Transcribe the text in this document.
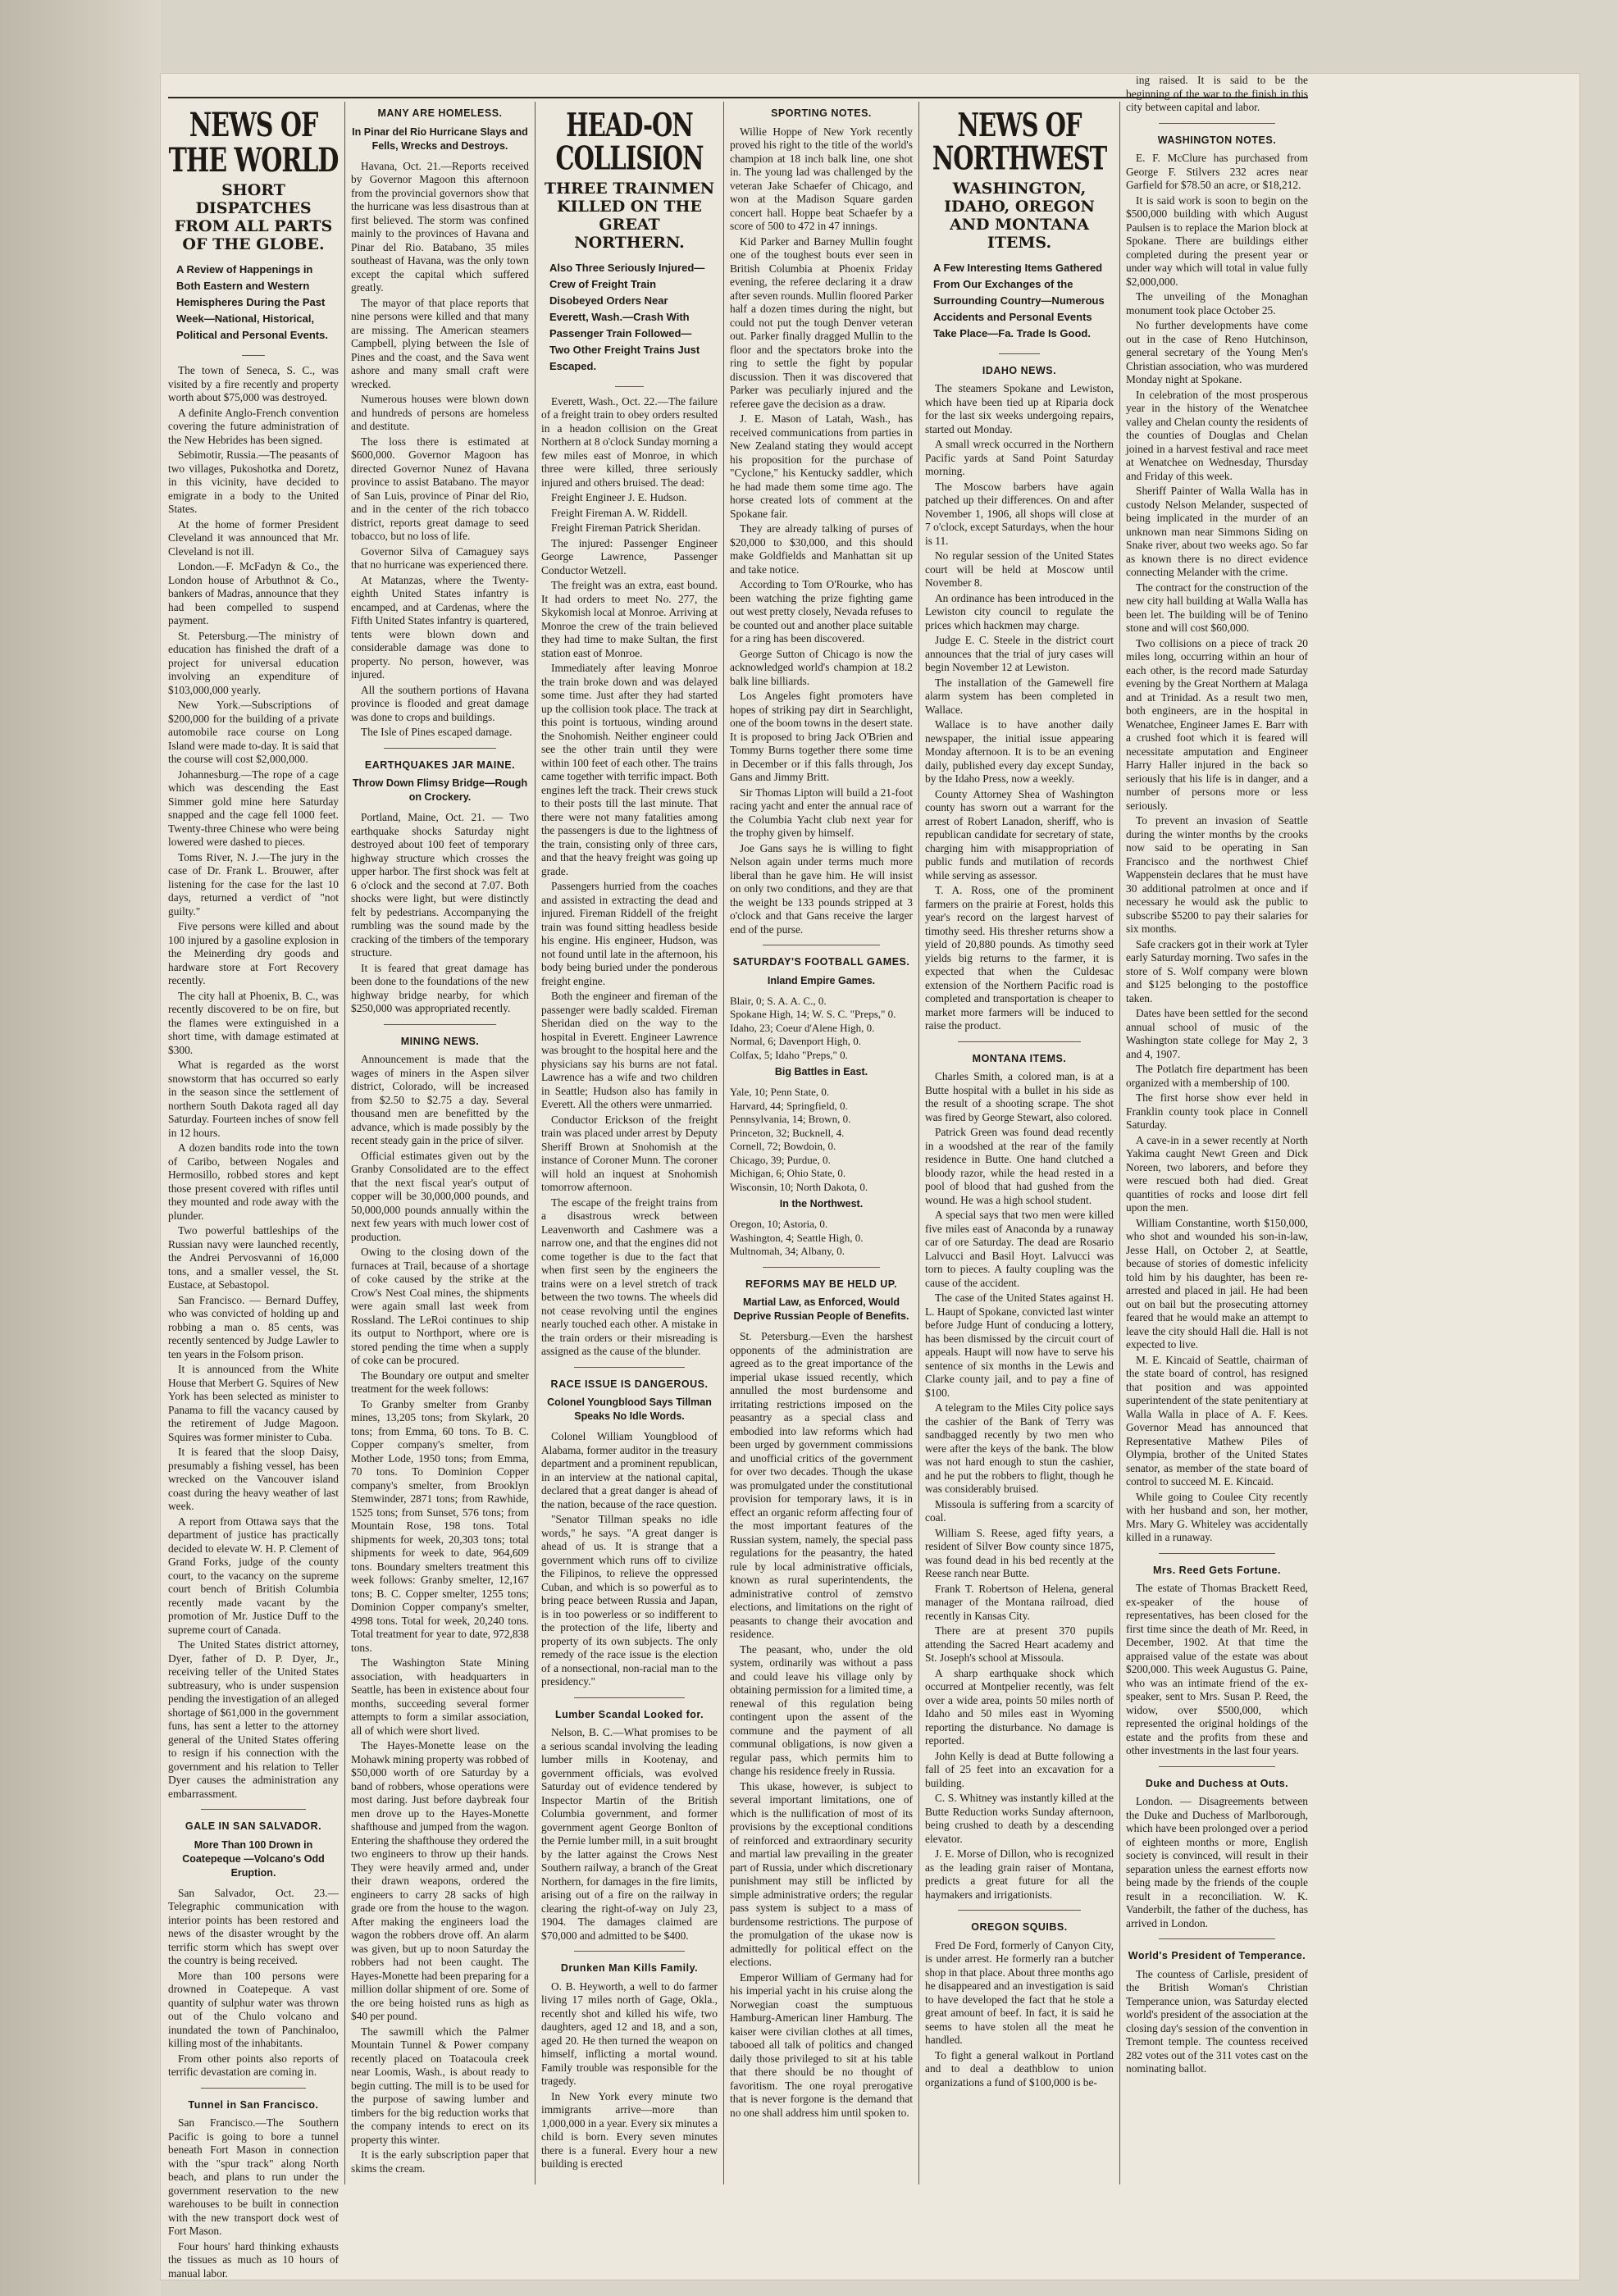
NEWS OF THE WORLD
SHORT DISPATCHES FROM ALL PARTS OF THE GLOBE.
A Review of Happenings in Both Eastern and Western Hemispheres During the Past Week—National, Historical, Political and Personal Events.

The town of Seneca, S. C., was visited by a fire recently and property worth about $75,000 was destroyed.

A definite Anglo-French convention covering the future administration of the New Hebrides has been signed.

Sebimotir, Russia.—The peasants of two villages, Pukoshotka and Doretz, in this vicinity, have decided to emigrate in a body to the United States.

At the home of former President Cleveland it was announced that Mr. Cleveland is not ill.

London.—F. McFadyn & Co., the London house of Arbuthnot & Co., bankers of Madras, announce that they had been compelled to suspend payment.

St. Petersburg.—The ministry of education has finished the draft of a project for universal education involving an expenditure of $103,000,000 yearly.

New York.—Subscriptions of $200,000 for the building of a private automobile race course on Long Island were made to-day. It is said that the course will cost $2,000,000.

Johannesburg.—The rope of a cage which was descending the East Simmer gold mine here Saturday snapped and the cage fell 1000 feet. Twenty-three Chinese who were being lowered were dashed to pieces.

Toms River, N. J.—The jury in the case of Dr. Frank L. Brouwer, after listening for the case for the last 10 days, returned a verdict of "not guilty."

Five persons were killed and about 100 injured by a gasoline explosion in the Meinerding dry goods and hardware store at Fort Recovery recently.

The city hall at Phoenix, B. C., was recently discovered to be on fire, but the flames were extinguished in a short time, with damage estimated at $300.

What is regarded as the worst snowstorm that has occurred so early in the season since the settlement of northern South Dakota raged all day Saturday. Fourteen inches of snow fell in 12 hours.

A dozen bandits rode into the town of Caribo, between Nogales and Hermosillo, robbed stores and kept those present covered with rifles until they mounted and rode away with the plunder.

Two powerful battleships of the Russian navy were launched recently, the Andrei Pervosvanni of 16,000 tons, and a smaller vessel, the St. Eustace, at Sebastopol.

San Francisco. — Bernard Duffey, who was convicted of holding up and robbing a man o. 85 cents, was recently sentenced by Judge Lawler to ten years in the Folsom prison.

It is announced from the White House that Merbert G. Squires of New York has been selected as minister to Panama to fill the vacancy caused by the retirement of Judge Magoon. Squires was former minister to Cuba.

It is feared that the sloop Daisy, presumably a fishing vessel, has been wrecked on the Vancouver island coast during the heavy weather of last week.

A report from Ottawa says that the department of justice has practically decided to elevate W. H. P. Clement of Grand Forks, judge of the county court, to the vacancy on the supreme court bench of British Columbia recently made vacant by the promotion of Mr. Justice Duff to the supreme court of Canada.

The United States district attorney, Dyer, father of D. P. Dyer, Jr., receiving teller of the United States subtreasury, who is under suspension pending the investigation of an alleged shortage of $61,000 in the government funs, has sent a letter to the attorney general of the United States offering to resign if his connection with the government and his relation to Teller Dyer causes the administration any embarrassment.

GALE IN SAN SALVADOR.
More Than 100 Drown in Coatepeque —Volcano's Odd Eruption.

San Salvador, Oct. 23.—Telegraphic communication with interior points has been restored and news of the disaster wrought by the terrific storm which has swept over the country is being received.

More than 100 persons were drowned in Coatepeque. A vast quantity of sulphur water was thrown out of the Chulo volcano and inundated the town of Panchinaloo, killing most of the inhabitants.

From other points also reports of terrific devastation are coming in.

Tunnel in San Francisco.

San Francisco.—The Southern Pacific is going to bore a tunnel beneath Fort Mason in connection with the "spur track" along North beach, and plans to run under the government reservation to the new warehouses to be built in connection with the new transport dock west of Fort Mason.

Four hours' hard thinking exhausts the tissues as much as 10 hours of manual labor.

MANY ARE HOMELESS.
In Pinar del Rio Hurricane Slays and Fells, Wrecks and Destroys.

Havana, Oct. 21.—Reports received by Governor Magoon this afternoon from the provincial governors show that the hurricane was less disastrous than at first believed. The storm was confined mainly to the provinces of Havana and Pinar del Rio. Batabano, 35 miles southeast of Havana, was the only town except the capital which suffered greatly.

The mayor of that place reports that nine persons were killed and that many are missing. The American steamers Campbell, plying between the Isle of Pines and the coast, and the Sava went ashore and many small craft were wrecked.

Numerous houses were blown down and hundreds of persons are homeless and destitute.

The loss there is estimated at $600,000. Governor Magoon has directed Governor Nunez of Havana province to assist Batabano. The mayor of San Luis, province of Pinar del Rio, and in the center of the rich tobacco district, reports great damage to seed tobacco, but no loss of life.

Governor Silva of Camaguey says that no hurricane was experienced there.

At Matanzas, where the Twenty-eighth United States infantry is encamped, and at Cardenas, where the Fifth United States infantry is quartered, tents were blown down and considerable damage was done to property. No person, however, was injured.

All the southern portions of Havana province is flooded and great damage was done to crops and buildings.

The Isle of Pines escaped damage.

EARTHQUAKES JAR MAINE.
Throw Down Flimsy Bridge—Rough on Crockery.

Portland, Maine, Oct. 21. — Two earthquake shocks Saturday night destroyed about 100 feet of temporary highway structure which crosses the upper harbor. The first shock was felt at 6 o'clock and the second at 7.07. Both shocks were light, but were distinctly felt by pedestrians. Accompanying the rumbling was the sound made by the cracking of the timbers of the temporary structure.

It is feared that great damage has been done to the foundations of the new highway bridge nearby, for which $250,000 was appropriated recently.

MINING NEWS.

Announcement is made that the wages of miners in the Aspen silver district, Colorado, will be increased from $2.50 to $2.75 a day. Several thousand men are benefitted by the advance, which is made possibly by the recent steady gain in the price of silver.

Official estimates given out by the Granby Consolidated are to the effect that the next fiscal year's output of copper will be 30,000,000 pounds, and 50,000,000 pounds annually within the next few years with much lower cost of production.

Owing to the closing down of the furnaces at Trail, because of a shortage of coke caused by the strike at the Crow's Nest Coal mines, the shipments were again small last week from Rossland. The LeRoi continues to ship its output to Northport, where ore is stored pending the time when a supply of coke can be procured.

The Boundary ore output and smelter treatment for the week follows:

To Granby smelter from Granby mines, 13,205 tons; from Skylark, 20 tons; from Emma, 60 tons. To B. C. Copper company's smelter, from Mother Lode, 1950 tons; from Emma, 70 tons. To Dominion Copper company's smelter, from Brooklyn Stemwinder, 2871 tons; from Rawhide, 1525 tons; from Sunset, 576 tons; from Mountain Rose, 198 tons. Total shipments for week, 20,303 tons; total shipments for week to date, 964,609 tons. Boundary smelters treatment this week follows: Granby smelter, 12,167 tons; B. C. Copper smelter, 1255 tons; Dominion Copper company's smelter, 4998 tons. Total for week, 20,240 tons. Total treatment for year to date, 972,838 tons.

The Washington State Mining association, with headquarters in Seattle, has been in existence about four months, succeeding several former attempts to form a similar association, all of which were short lived.

The Hayes-Monette lease on the Mohawk mining property was robbed of $50,000 worth of ore Saturday by a band of robbers, whose operations were most daring. Just before daybreak four men drove up to the Hayes-Monette shafthouse and jumped from the wagon. Entering the shafthouse they ordered the two engineers to throw up their hands. They were heavily armed and, under their drawn weapons, ordered the engineers to carry 28 sacks of high grade ore from the house to the wagon. After making the engineers load the wagon the robbers drove off. An alarm was given, but up to noon Saturday the robbers had not been caught. The Hayes-Monette had been preparing for a million dollar shipment of ore. Some of the ore being hoisted runs as high as $40 per pound.

The sawmill which the Palmer Mountain Tunnel & Power company recently placed on Toatacoula creek near Loomis, Wash., is about ready to begin cutting. The mill is to be used for the purpose of sawing lumber and timbers for the big reduction works that the company intends to erect on its property this winter.

It is the early subscription paper that skims the cream.

HEAD-ON COLLISION
THREE TRAINMEN KILLED ON THE GREAT NORTHERN.
Also Three Seriously Injured—Crew of Freight Train Disobeyed Orders Near Everett, Wash.—Crash With Passenger Train Followed—Two Other Freight Trains Just Escaped.

Everett, Wash., Oct. 22.—The failure of a freight train to obey orders resulted in a headon collision on the Great Northern at 8 o'clock Sunday morning a few miles east of Monroe, in which three were killed, three seriously injured and others bruised. The dead:

Freight Engineer J. E. Hudson.

Freight Fireman A. W. Riddell.

Freight Fireman Patrick Sheridan.

The injured: Passenger Engineer George Lawrence, Passenger Conductor Wetzell.

The freight was an extra, east bound. It had orders to meet No. 277, the Skykomish local at Monroe. Arriving at Monroe the crew of the train believed they had time to make Sultan, the first station east of Monroe.

Immediately after leaving Monroe the train broke down and was delayed some time. Just after they had started up the collision took place. The track at this point is tortuous, winding around the Snohomish. Neither engineer could see the other train until they were within 100 feet of each other. The trains came together with terrific impact. Both engines left the track. Their crews stuck to their posts till the last minute. That there were not many fatalities among the passengers is due to the lightness of the train, consisting only of three cars, and that the heavy freight was going up grade.

Passengers hurried from the coaches and assisted in extracting the dead and injured. Fireman Riddell of the freight train was found sitting headless beside his engine. His engineer, Hudson, was not found until late in the afternoon, his body being buried under the ponderous freight engine.

Both the engineer and fireman of the passenger were badly scalded. Fireman Sheridan died on the way to the hospital in Everett. Engineer Lawrence was brought to the hospital here and the physicians say his burns are not fatal. Lawrence has a wife and two children in Seattle; Hudson also has family in Everett. All the others were unmarried.

Conductor Erickson of the freight train was placed under arrest by Deputy Sheriff Brown at Snohomish at the instance of Coroner Munn. The coroner will hold an inquest at Snohomish tomorrow afternoon.

The escape of the freight trains from a disastrous wreck between Leavenworth and Cashmere was a narrow one, and that the engines did not come together is due to the fact that when first seen by the engineers the trains were on a level stretch of track between the two towns. The wheels did not cease revolving until the engines nearly touched each other. A mistake in the train orders or their misreading is assigned as the cause of the blunder.

RACE ISSUE IS DANGEROUS.
Colonel Youngblood Says Tillman Speaks No Idle Words.

Colonel William Youngblood of Alabama, former auditor in the treasury department and a prominent republican, in an interview at the national capital, declared that a great danger is ahead of the nation, because of the race question.

"Senator Tillman speaks no idle words," he says. "A great danger is ahead of us. It is strange that a government which runs off to civilize the Filipinos, to relieve the oppressed Cuban, and which is so powerful as to bring peace between Russia and Japan, is in too powerless or so indifferent to the protection of the life, liberty and property of its own subjects. The only remedy of the race issue is the election of a nonsectional, non-racial man to the presidency."

Lumber Scandal Looked for.

Nelson, B. C.—What promises to be a serious scandal involving the leading lumber mills in Kootenay, and government officials, was evolved Saturday out of evidence tendered by Inspector Martin of the British Columbia government, and former government agent George Bonlton of the Pernie lumber mill, in a suit brought by the latter against the Crows Nest Southern railway, a branch of the Great Northern, for damages in the fire limits, arising out of a fire on the railway in clearing the right-of-way on July 23, 1904. The damages claimed are $70,000 and admitted to be $400.

Drunken Man Kills Family.

O. B. Heyworth, a well to do farmer living 17 miles north of Gage, Okla., recently shot and killed his wife, two daughters, aged 12 and 18, and a son, aged 20. He then turned the weapon on himself, inflicting a mortal wound. Family trouble was responsible for the tragedy.

In New York every minute two immigrants arrive—more than 1,000,000 in a year. Every six minutes a child is born. Every seven minutes there is a funeral. Every hour a new building is erected

SPORTING NOTES.

Willie Hoppe of New York recently proved his right to the title of the world's champion at 18 inch balk line, one shot in. The young lad was challenged by the veteran Jake Schaefer of Chicago, and won at the Madison Square garden concert hall. Hoppe beat Schaefer by a score of 500 to 472 in 47 innings.

Kid Parker and Barney Mullin fought one of the toughest bouts ever seen in British Columbia at Phoenix Friday evening, the referee declaring it a draw after seven rounds. Mullin floored Parker half a dozen times during the night, but could not put the tough Denver veteran out. Parker finally dragged Mullin to the floor and the spectators broke into the ring to settle the fight by popular discussion. Then it was discovered that Parker was peculiarly injured and the referee gave the decision as a draw.

J. E. Mason of Latah, Wash., has received communications from parties in New Zealand stating they would accept his proposition for the purchase of "Cyclone," his Kentucky saddler, which he had made them some time ago. The horse created lots of comment at the Spokane fair.

They are already talking of purses of $20,000 to $30,000, and this should make Goldfields and Manhattan sit up and take notice.

According to Tom O'Rourke, who has been watching the prize fighting game out west pretty closely, Nevada refuses to be counted out and another place suitable for a ring has been discovered.

George Sutton of Chicago is now the acknowledged world's champion at 18.2 balk line billiards.

Los Angeles fight promoters have hopes of striking pay dirt in Searchlight, one of the boom towns in the desert state. It is proposed to bring Jack O'Brien and Tommy Burns together there some time in December or if this falls through, Jos Gans and Jimmy Britt.

Sir Thomas Lipton will build a 21-foot racing yacht and enter the annual race of the Columbia Yacht club next year for the trophy given by himself.

Joe Gans says he is willing to fight Nelson again under terms much more liberal than he gave him. He will insist on only two conditions, and they are that the weight be 133 pounds stripped at 3 o'clock and that Gans receive the larger end of the purse.

SATURDAY'S FOOTBALL GAMES.
Inland Empire Games.
Blair, 0; S. A. A. C., 0.
Spokane High, 14; W. S. C. "Preps," 0.
Idaho, 23; Coeur d'Alene High, 0.
Normal, 6; Davenport High, 0.
Colfax, 5; Idaho "Preps," 0.
Big Battles in East.
Yale, 10; Penn State, 0.
Harvard, 44; Springfield, 0.
Pennsylvania, 14; Brown, 0.
Princeton, 32; Bucknell, 4.
Cornell, 72; Bowdoin, 0.
Chicago, 39; Purdue, 0.
Michigan, 6; Ohio State, 0.
Wisconsin, 10; North Dakota, 0.
In the Northwest.
Oregon, 10; Astoria, 0.
Washington, 4; Seattle High, 0.
Multnomah, 34; Albany, 0.
REFORMS MAY BE HELD UP.
Martial Law, as Enforced, Would Deprive Russian People of Benefits.

St. Petersburg.—Even the harshest opponents of the administration are agreed as to the great importance of the imperial ukase issued recently, which annulled the most burdensome and irritating restrictions imposed on the peasantry as a special class and embodied into law reforms which had been urged by government commissions and unofficial critics of the government for over two decades. Though the ukase was promulgated under the constitutional provision for temporary laws, it is in effect an organic reform affecting four of the most important features of the Russian system, namely, the special pass regulations for the peasantry, the hated rule by local administrative officials, known as rural superintendents, the administrative control of zemstvo elections, and limitations on the right of peasants to change their avocation and residence.

The peasant, who, under the old system, ordinarily was without a pass and could leave his village only by obtaining permission for a limited time, a renewal of this regulation being contingent upon the assent of the commune and the payment of all communal obligations, is now given a regular pass, which permits him to change his residence freely in Russia.

This ukase, however, is subject to several important limitations, one of which is the nullification of most of its provisions by the exceptional conditions of reinforced and extraordinary security and martial law prevailing in the greater part of Russia, under which discretionary punishment may still be inflicted by simple administrative orders; the regular pass system is subject to a mass of burdensome restrictions. The purpose of the promulgation of the ukase now is admittedly for political effect on the elections.

Emperor William of Germany had for his imperial yacht in his cruise along the Norwegian coast the sumptuous Hamburg-American liner Hamburg. The kaiser were civilian clothes at all times, tabooed all talk of politics and changed daily those privileged to sit at his table that there should be no thought of favoritism. The one royal prerogative that is never forgone is the demand that no one shall address him until spoken to.

NEWS OF NORTHWEST
WASHINGTON, IDAHO, OREGON AND MONTANA ITEMS.
A Few Interesting Items Gathered From Our Exchanges of the Surrounding Country—Numerous Accidents and Personal Events Take Place—Fa. Trade Is Good.
IDAHO NEWS.

The steamers Spokane and Lewiston, which have been tied up at Riparia dock for the last six weeks undergoing repairs, started out Monday.

A small wreck occurred in the Northern Pacific yards at Sand Point Saturday morning.

The Moscow barbers have again patched up their differences. On and after November 1, 1906, all shops will close at 7 o'clock, except Saturdays, when the hour is 11.

No regular session of the United States court will be held at Moscow until November 8.

An ordinance has been introduced in the Lewiston city council to regulate the prices which hackmen may charge.

Judge E. C. Steele in the district court announces that the trial of jury cases will begin November 12 at Lewiston.

The installation of the Gamewell fire alarm system has been completed in Wallace.

Wallace is to have another daily newspaper, the initial issue appearing Monday afternoon. It is to be an evening daily, published every day except Sunday, by the Idaho Press, now a weekly.

County Attorney Shea of Washington county has sworn out a warrant for the arrest of Robert Lanadon, sheriff, who is republican candidate for secretary of state, charging him with misappropriation of public funds and mutilation of records while serving as assessor.

T. A. Ross, one of the prominent farmers on the prairie at Forest, holds this year's record on the largest harvest of timothy seed. His thresher returns show a yield of 20,880 pounds. As timothy seed yields big returns to the farmer, it is expected that when the Culdesac extension of the Northern Pacific road is completed and transportation is cheaper to market more farmers will be induced to raise the product.

MONTANA ITEMS.

Charles Smith, a colored man, is at a Butte hospital with a bullet in his side as the result of a shooting scrape. The shot was fired by George Stewart, also colored.

Patrick Green was found dead recently in a woodshed at the rear of the family residence in Butte. One hand clutched a bloody razor, while the head rested in a pool of blood that had gushed from the wound. He was a high school student.

A special says that two men were killed five miles east of Anaconda by a runaway car of ore Saturday. The dead are Rosario Lalvucci and Basil Hoyt. Lalvucci was torn to pieces. A faulty coupling was the cause of the accident.

The case of the United States against H. L. Haupt of Spokane, convicted last winter before Judge Hunt of conducing a lottery, has been dismissed by the circuit court of appeals. Haupt will now have to serve his sentence of six months in the Lewis and Clarke county jail, and to pay a fine of $100.

A telegram to the Miles City police says the cashier of the Bank of Terry was sandbagged recently by two men who were after the keys of the bank. The blow was not hard enough to stun the cashier, and he put the robbers to flight, though he was considerably bruised.

Missoula is suffering from a scarcity of coal.

William S. Reese, aged fifty years, a resident of Silver Bow county since 1875, was found dead in his bed recently at the Reese ranch near Butte.

Frank T. Robertson of Helena, general manager of the Montana railroad, died recently in Kansas City.

There are at present 370 pupils attending the Sacred Heart academy and St. Joseph's school at Missoula.

A sharp earthquake shock which occurred at Montpelier recently, was felt over a wide area, points 50 miles north of Idaho and 50 miles east in Wyoming reporting the disturbance. No damage is reported.

John Kelly is dead at Butte following a fall of 25 feet into an excavation for a building.

C. S. Whitney was instantly killed at the Butte Reduction works Sunday afternoon, being crushed to death by a descending elevator.

J. E. Morse of Dillon, who is recognized as the leading grain raiser of Montana, predicts a great future for all the haymakers and irrigationists.

OREGON SQUIBS.

Fred De Ford, formerly of Canyon City, is under arrest. He formerly ran a butcher shop in that place. About three months ago he disappeared and an investigation is said to have developed the fact that he stole a great amount of beef. In fact, it is said he seems to have stolen all the meat he handled.

To fight a general walkout in Portland and to deal a deathblow to union organizations a fund of $100,000 is be-

ing raised. It is said to be the beginning of the war to the finish in this city between capital and labor.

WASHINGTON NOTES.

E. F. McClure has purchased from George F. Stilvers 232 acres near Garfield for $78.50 an acre, or $18,212.

It is said work is soon to begin on the $500,000 building with which August Paulsen is to replace the Marion block at Spokane. There are buildings either completed during the present year or under way which will total in value fully $2,000,000.

The unveiling of the Monaghan monument took place October 25.

No further developments have come out in the case of Reno Hutchinson, general secretary of the Young Men's Christian association, who was murdered Monday night at Spokane.

In celebration of the most prosperous year in the history of the Wenatchee valley and Chelan county the residents of the counties of Douglas and Chelan joined in a harvest festival and race meet at Wenatchee on Wednesday, Thursday and Friday of this week.

Sheriff Painter of Walla Walla has in custody Nelson Melander, suspected of being implicated in the murder of an unknown man near Simmons Siding on Snake river, about two weeks ago. So far as known there is no direct evidence connecting Melander with the crime.

The contract for the construction of the new city hall building at Walla Walla has been let. The building will be of Tenino stone and will cost $60,000.

Two collisions on a piece of track 20 miles long, occurring within an hour of each other, is the record made Saturday evening by the Great Northern at Malaga and at Trinidad. As a result two men, both engineers, are in the hospital in Wenatchee, Engineer James E. Barr with a crushed foot which it is feared will necessitate amputation and Engineer Harry Haller injured in the back so seriously that his life is in danger, and a number of persons more or less seriously.

To prevent an invasion of Seattle during the winter months by the crooks now said to be operating in San Francisco and the northwest Chief Wappenstein declares that he must have 30 additional patrolmen at once and if necessary he would ask the public to subscribe $5200 to pay their salaries for six months.

Safe crackers got in their work at Tyler early Saturday morning. Two safes in the store of S. Wolf company were blown and $125 belonging to the postoffice taken.

Dates have been settled for the second annual school of music of the Washington state college for May 2, 3 and 4, 1907.

The Potlatch fire department has been organized with a membership of 100.

The first horse show ever held in Franklin county took place in Connell Saturday.

A cave-in in a sewer recently at North Yakima caught Newt Green and Dick Noreen, two laborers, and before they were rescued both had died. Great quantities of rocks and loose dirt fell upon the men.

William Constantine, worth $150,000, who shot and wounded his son-in-law, Jesse Hall, on October 2, at Seattle, because of stories of domestic infelicity told him by his daughter, has been re-arrested and placed in jail. He had been out on bail but the prosecuting attorney feared that he would make an attempt to leave the city should Hall die. Hall is not expected to live.

M. E. Kincaid of Seattle, chairman of the state board of control, has resigned that position and was appointed superintendent of the state penitentiary at Walla Walla in place of A. F. Kees. Governor Mead has announced that Representative Mathew Piles of Olympia, brother of the United States senator, as member of the state board of control to succeed M. E. Kincaid.

While going to Coulee City recently with her husband and son, her mother, Mrs. Mary G. Whiteley was accidentally killed in a runaway.

Mrs. Reed Gets Fortune.

The estate of Thomas Brackett Reed, ex-speaker of the house of representatives, has been closed for the first time since the death of Mr. Reed, in December, 1902. At that time the appraised value of the estate was about $200,000. This week Augustus G. Paine, who was an intimate friend of the ex-speaker, sent to Mrs. Susan P. Reed, the widow, over $500,000, which represented the original holdings of the estate and the profits from these and other investments in the last four years.

Duke and Duchess at Outs.

London. — Disagreements between the Duke and Duchess of Marlborough, which have been prolonged over a period of eighteen months or more, English society is convinced, will result in their separation unless the earnest efforts now being made by the friends of the couple result in a reconciliation. W. K. Vanderbilt, the father of the duchess, has arrived in London.

World's President of Temperance.

The countess of Carlisle, president of the British Woman's Christian Temperance union, was Saturday elected world's president of the association at the closing day's session of the convention in Tremont temple. The countess received 282 votes out of the 311 votes cast on the nominating ballot.
